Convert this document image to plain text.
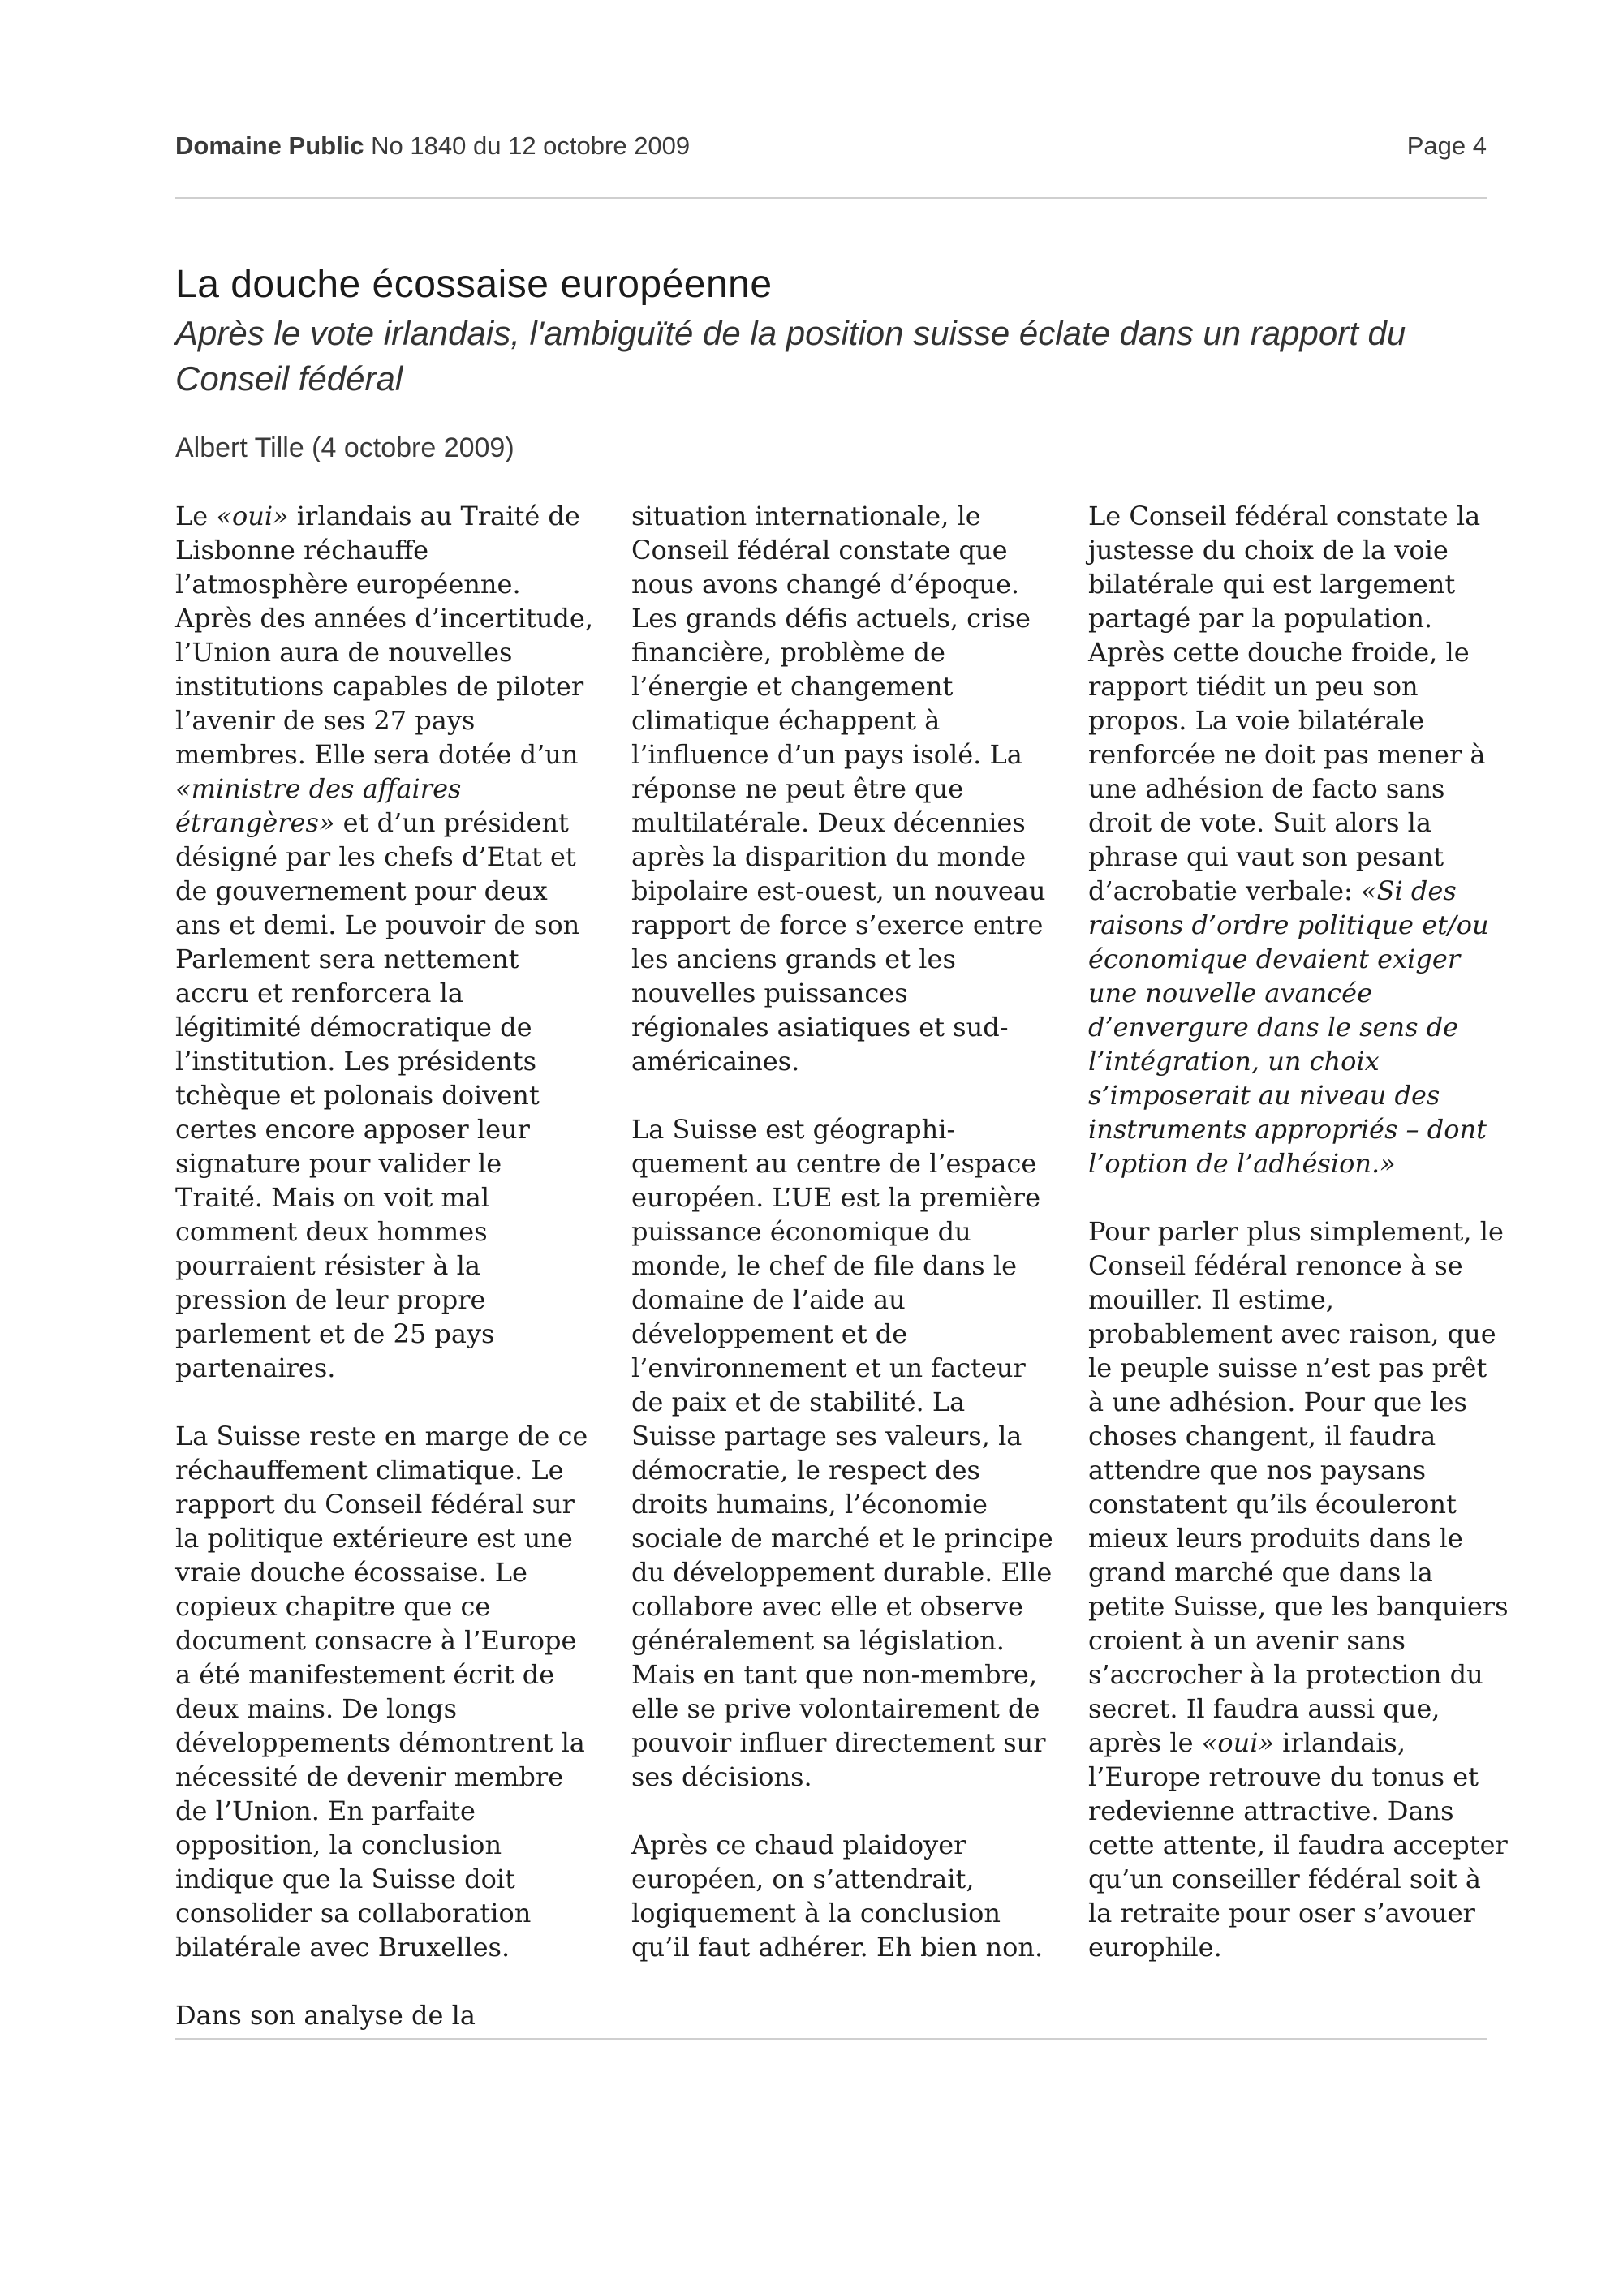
Domaine Public No 1840 du 12 octobre 2009	Page 4
La douche écossaise européenne
Après le vote irlandais, l'ambiguïté de la position suisse éclate dans un rapport du Conseil fédéral
Albert Tille (4 octobre 2009)

Le «oui» irlandais au Traité de Lisbonne réchauffe l’atmosphère européenne. Après des années d’incertitude, l’Union aura de nouvelles institutions capables de piloter l’avenir de ses 27 pays membres. Elle sera dotée d’un «ministre des affaires étrangères» et d’un président désigné par les chefs d’Etat et de gouvernement pour deux ans et demi. Le pouvoir de son Parlement sera nettement accru et renforcera la légitimité démocratique de l’institution. Les présidents tchèque et polonais doivent certes encore apposer leur signature pour valider le Traité. Mais on voit mal comment deux hommes pourraient résister à la pression de leur propre parlement et de 25 pays partenaires.

La Suisse reste en marge de ce réchauffement climatique. Le rapport du Conseil fédéral sur la politique extérieure est une vraie douche écossaise. Le copieux chapitre que ce document consacre à l’Europe a été manifestement écrit de deux mains. De longs développements démontrent la nécessité de devenir membre de l’Union. En parfaite opposition, la conclusion indique que la Suisse doit consolider sa collaboration bilatérale avec Bruxelles.

Dans son analyse de la

situation internationale, le Conseil fédéral constate que nous avons changé d’époque. Les grands défis actuels, crise financière, problème de l’énergie et changement climatique échappent à l’influence d’un pays isolé. La réponse ne peut être que multilatérale. Deux décennies après la disparition du monde bipolaire est-ouest, un nouveau rapport de force s’exerce entre les anciens grands et les nouvelles puissances régionales asiatiques et sud-américaines.

La Suisse est géographi-quement au centre de l’espace européen. L’UE est la première puissance économique du monde, le chef de file dans le domaine de l’aide au développement et de l’environnement et un facteur de paix et de stabilité. La Suisse partage ses valeurs, la démocratie, le respect des droits humains, l’économie sociale de marché et le principe du développement durable. Elle collabore avec elle et observe généralement sa législation. Mais en tant que non-membre, elle se prive volontairement de pouvoir influer directement sur ses décisions.

Après ce chaud plaidoyer européen, on s’attendrait, logiquement à la conclusion qu’il faut adhérer. Eh bien non.

Le Conseil fédéral constate la justesse du choix de la voie bilatérale qui est largement partagé par la population. Après cette douche froide, le rapport tiédit un peu son propos. La voie bilatérale renforcée ne doit pas mener à une adhésion de facto sans droit de vote. Suit alors la phrase qui vaut son pesant d’acrobatie verbale: «Si des raisons d’ordre politique et/ou économique devaient exiger une nouvelle avancée d’envergure dans le sens de l’intégration, un choix s’imposerait au niveau des instruments appropriés – dont l’option de l’adhésion.»

Pour parler plus simplement, le Conseil fédéral renonce à se mouiller. Il estime, probablement avec raison, que le peuple suisse n’est pas prêt à une adhésion. Pour que les choses changent, il faudra attendre que nos paysans constatent qu’ils écouleront mieux leurs produits dans le grand marché que dans la petite Suisse, que les banquiers croient à un avenir sans s’accrocher à la protection du secret. Il faudra aussi que, après le «oui» irlandais, l’Europe retrouve du tonus et redevienne attractive. Dans cette attente, il faudra accepter qu’un conseiller fédéral soit à la retraite pour oser s’avouer europhile.
